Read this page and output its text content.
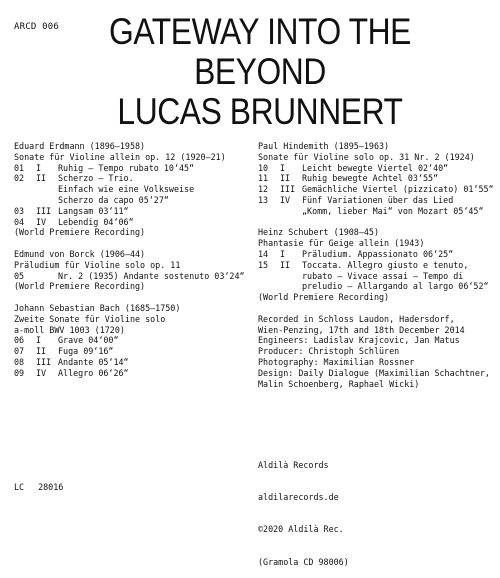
ARCD 006	GATEWAY INTO THE
BEYOND
LUCAS BRUNNERT
Eduard Erdmann (1896–1958)
Sonate für Violine allein op. 12 (1920–21)
01	I	Ruhig – Tempo rubato 10‘45“
02	II	Scherzo – Trio.
Einfach wie eine Volksweise
Scherzo da capo 05‘27“
03	III Langsam 03‘11“
04	IV	Lebendig 04‘06“
(World Premiere Recording)
Edmund von Borck (1906–44)
Präludium für Violine solo op. 11
05	Nr. 2 (1935) Andante sostenuto 03‘24“
(World Premiere Recording)
Johann Sebastian Bach (1685–1750)
Zweite Sonate für Violine solo
a-moll BWV 1003 (1720)
06	I	Grave 04‘00“
07	II	Fuga 09‘16“
08	III Andante 05‘14“
09	IV	Allegro 06‘26“
Paul Hindemith (1895–1963)
Sonate für Violine solo op. 31 Nr. 2 (1924)
10	I	Leicht bewegte Viertel 02‘40“
11	II	Ruhig bewegte Achtel 03‘55“
12	III Gemächliche Viertel (pizzicato) 01‘55“
13	IV	Fünf Variationen über das Lied
„Komm, lieber Mai“ von Mozart 05‘45“
Heinz Schubert (1908–45)
Phantasie für Geige allein (1943)
14	I	Präludium. Appassionato 06‘25“
15	II	Toccata. Allegro giusto e tenuto,
rubato – Vivace assai – Tempo di
preludio – Allargando al largo 06‘52“
(World Premiere Recording)
Recorded in Schloss Laudon, Hadersdorf,
Wien-Penzing, 17th and 18th December 2014
Engineers: Ladislav Krajcovic, Jan Matus
Producer: Christoph Schlüren
Photography: Maximilian Rossner
Design: Daily Dialogue (Maximilian Schachtner,
Malin Schoenberg, Raphael Wicki)

Aldilà Records

aldilarecords.de

©2020 Aldilà Rec.

(Gramola CD 98006)

LC 28016
